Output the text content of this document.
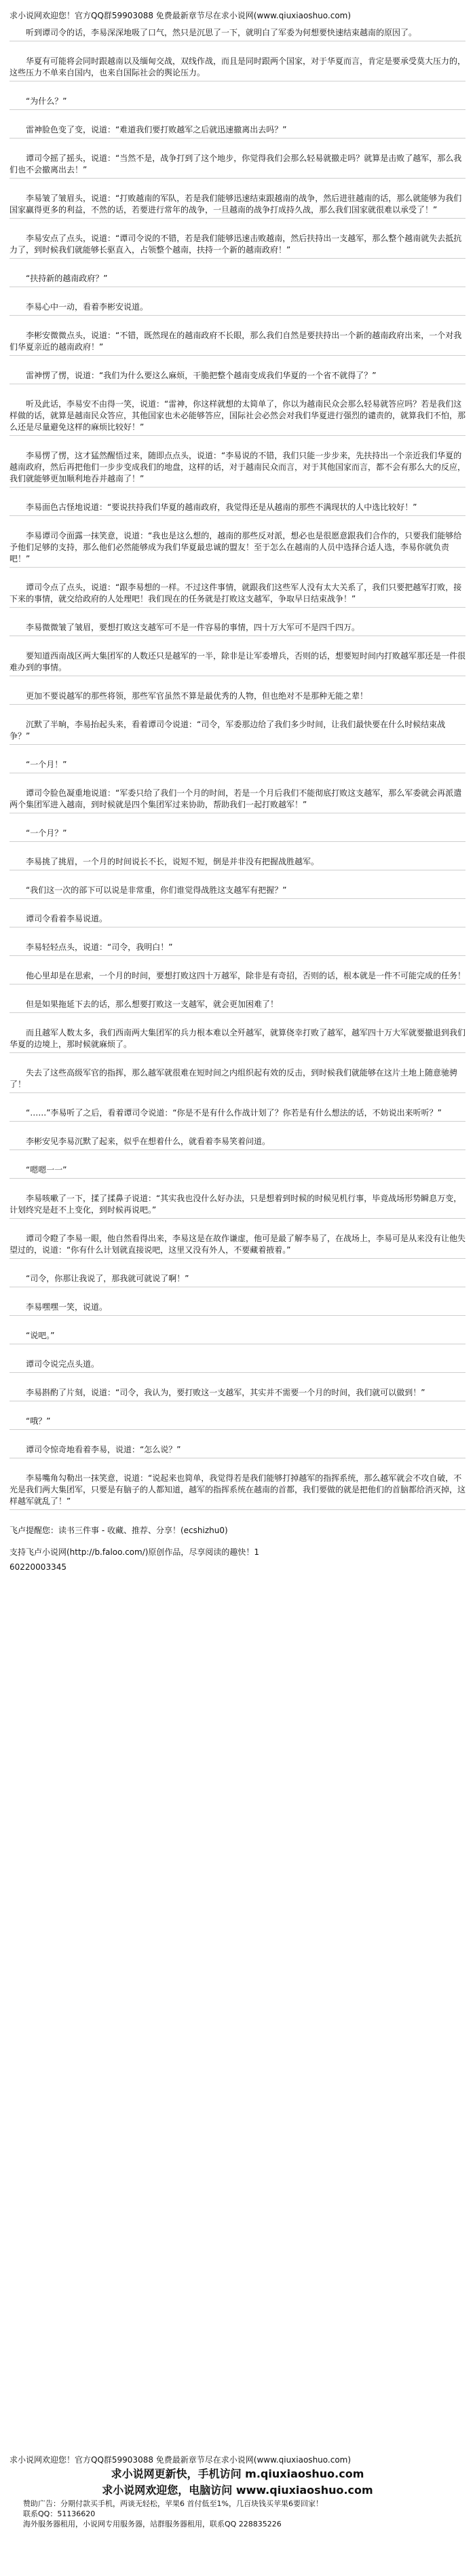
求小说网欢迎您！官方QQ群59903088 免费最新章节尽在求小说网(www.qiuxiaoshuo.com)
听到谭司令的话，李易深深地吸了口气，然只是沉思了一下，就明白了军委为何想要快速结束越南的原因了。
华夏有可能将会同时跟越南以及缅甸交战，双线作战，而且是同时跟两个国家，对于华夏而言，肯定是要承受莫大压力的，这些压力不单来自国内，也来自国际社会的舆论压力。
“为什么？”
雷神脸色变了变，说道：“难道我们要打败越军之后就迅速撤离出去吗？”
谭司令摇了摇头，说道：“当然不是，战争打到了这个地步，你觉得我们会那么轻易就撤走吗？就算是击败了越军，那么我们也不会撤离出去！”
李易皱了皱眉头，说道：“打败越南的军队，若是我们能够迅速结束跟越南的战争，然后进驻越南的话，那么就能够为我们国家赢得更多的利益，不然的话，若要进行常年的战争，一旦越南的战争打成持久战，那么我们国家就很难以承受了！”
李易安点了点头，说道：“谭司令说的不错，若是我们能够迅速击败越南，然后扶持出一支越军，那么整个越南就失去抵抗力了，到时候我们就能够长驱直入，占领整个越南，扶持一个新的越南政府！”
“扶持新的越南政府？”
李易心中一动，看着李彬安说道。
李彬安微微点头，说道：“不错，既然现在的越南政府不长眼，那么我们自然是要扶持出一个新的越南政府出来，一个对我们华夏亲近的越南政府！”
雷神愣了愣，说道：“我们为什么要这么麻烦，干脆把整个越南变成我们华夏的一个省不就得了？”
听及此话，李易安不由得一笑，说道：“雷神，你这样就想的太简单了，你以为越南民众会那么轻易就答应吗？若是我们这样做的话，就算是越南民众答应，其他国家也未必能够答应，国际社会必然会对我们华夏进行强烈的谴责的，就算我们不怕，那么还是尽量避免这样的麻烦比较好！”
李易愣了愣，这才猛然醒悟过来，随即点点头，说道：“李易说的不错，我们只能一步步来，先扶持出一个亲近我们华夏的越南政府，然后再把他们一步步变成我们的地盘，这样的话，对于越南民众而言，对于其他国家而言，都不会有那么大的反应，我们就能够更加顺利地吞并越南了！”
李易面色古怪地说道：“要说扶持我们华夏的越南政府，我觉得还是从越南的那些不满现状的人中选比较好！”
李易谭司令面露一抹笑意，说道：“我也是这么想的，越南的那些反对派，想必也是很愿意跟我们合作的，只要我们能够给予他们足够的支持，那么他们必然能够成为我们华夏最忠诚的盟友！至于怎么在越南的人员中选择合适人选，李易你就负责吧！”
谭司令点了点头，说道：“跟李易想的一样。不过这件事情，就跟我们这些军人没有太大关系了，我们只要把越军打败，接下来的事情，就交给政府的人处理吧！我们现在的任务就是打败这支越军，争取早日结束战争！”
李易微微皱了皱眉，要想打败这支越军可不是一件容易的事情，四十万大军可不是四千四万。
要知道西南战区两大集团军的人数还只是越军的一半，除非是让军委增兵，否则的话，想要短时间内打败越军那还是一件很难办到的事情。
更加不要说越军的那些将领，那些军官虽然不算是最优秀的人物，但也绝对不是那种无能之辈！
沉默了半晌，李易抬起头来，看着谭司令说道：“司令，军委那边给了我们多少时间，让我们最快要在什么时候结束战争？”
“一个月！”
谭司令脸色凝重地说道：“军委只给了我们一个月的时间，若是一个月后我们不能彻底打败这支越军，那么军委就会再派遣两个集团军进入越南，到时候就是四个集团军过来协助，帮助我们一起打败越军！”
“一个月？”
李易挑了挑眉，一个月的时间说长不长，说短不短，倒是并非没有把握战胜越军。
“我们这一次的部下可以说是非常重，你们谁觉得战胜这支越军有把握？”
谭司令看着李易说道。
李易轻轻点头，说道：“司令，我明白！”
他心里却是在思索，一个月的时间，要想打败这四十万越军，除非是有奇招，否则的话，根本就是一件不可能完成的任务！
但是如果拖延下去的话，那么想要打败这一支越军，就会更加困难了！
而且越军人数太多，我们西南两大集团军的兵力根本难以全歼越军，就算侥幸打败了越军，越军四十万大军就要撤退到我们华夏的边境上，那时候就麻烦了。
失去了这些高级军官的指挥，那么越军就很难在短时间之内组织起有效的反击，到时候我们就能够在这片土地上随意驰骋了！
“……”李易听了之后，看着谭司令说道：“你是不是有什么作战计划了？你若是有什么想法的话，不妨说出来听听？”
李彬安见李易沉默了起来，似乎在想着什么，就看着李易笑着问道。
“嗯嗯一一”
李易咳嗽了一下，揉了揉鼻子说道：“其实我也没什么好办法，只是想着到时候的时候见机行事，毕竟战场形势瞬息万变，计划终究是赶不上变化，到时候再说吧。”
谭司令瞪了李易一眼，他自然看得出来，李易这是在故作谦虚，他可是最了解李易了，在战场上，李易可是从来没有让他失望过的，说道：“你有什么计划就直接说吧，这里又没有外人，不要藏着掖着。”
“司令，你那让我说了，那我就可就说了啊！”
李易嘿嘿一笑，说道。
“说吧。”
谭司令说完点头道。
李易斟酌了片刻，说道：“司令，我认为，要打败这一支越军，其实并不需要一个月的时间，我们就可以做到！”
“哦？”
谭司令惊奇地看着李易，说道：“怎么说？”
李易嘴角勾勒出一抹笑意，说道：“说起来也简单，我觉得若是我们能够打掉越军的指挥系统，那么越军就会不攻自破，不光是我们两大集团军，只要是有脑子的人都知道，越军的指挥系统在越南的首都，我们要做的就是把他们的首脑都给消灭掉，这样越军就乱了！”
飞卢提醒您：读书三件事 - 收藏、推荐、分享！(ecshizhu0)
支持飞卢小说网(http://b.faloo.com/)原创作品，尽享阅读的趣快！1
60220003345
求小说网欢迎您！官方QQ群59903088 免费最新章节尽在求小说网(www.qiuxiaoshuo.com)
求小说网更新快，手机访问 m.qiuxiaoshuo.com
求小说网欢迎您，电脑访问 www.qiuxiaoshuo.com
赞助广告：分期付款买手机，两谈无轻松，苹果6 首付低至1%，几百块钱买苹果6要回家！
联系QQ：51136620
海外服务器租用，小说网专用服务器，站群服务器租用，联系QQ 228835226
